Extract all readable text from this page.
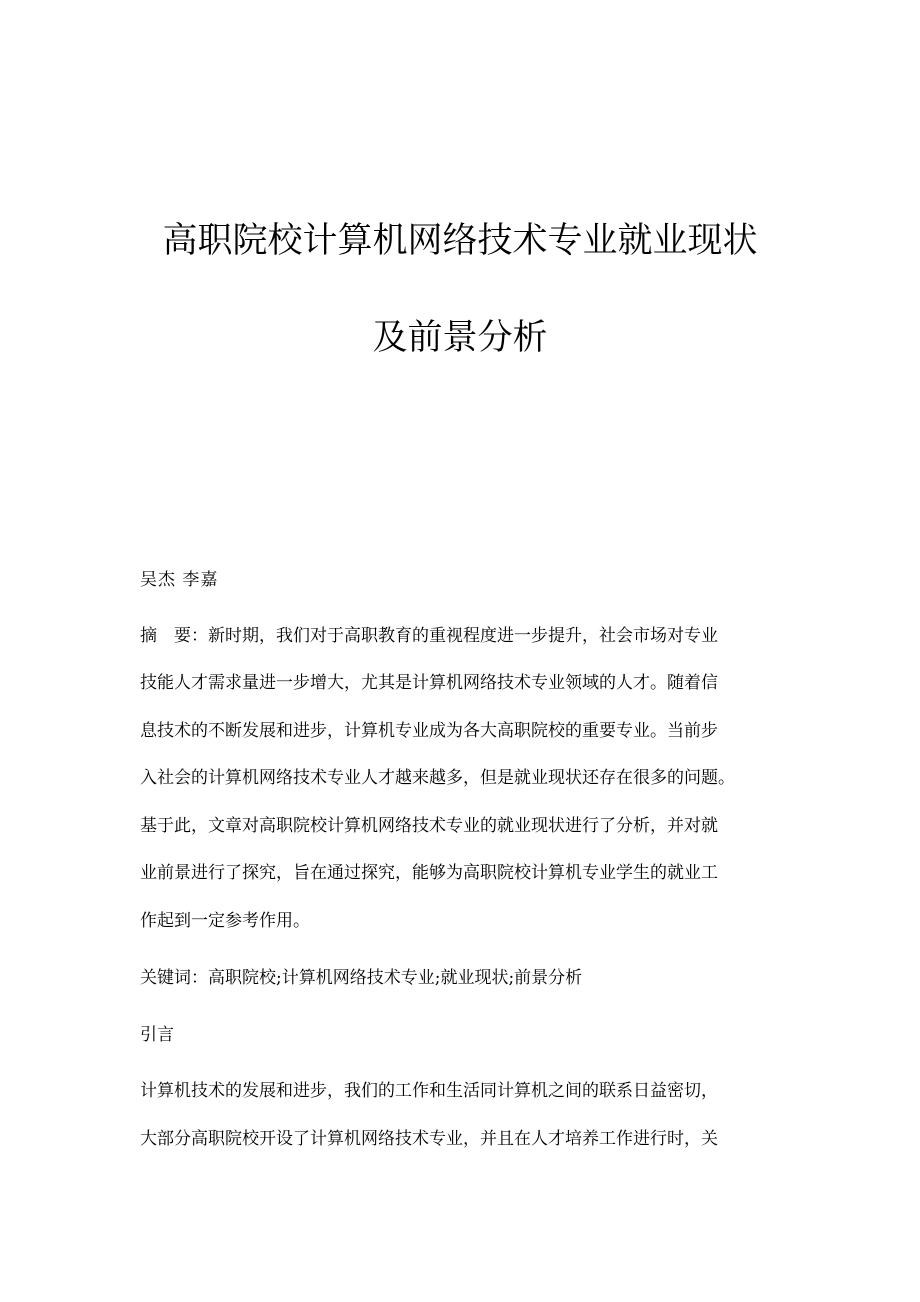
高职院校计算机网络技术专业就业现状
及前景分析
吴杰 李嘉
摘　要：新时期，我们对于高职教育的重视程度进一步提升，社会市场对专业
技能人才需求量进一步增大，尤其是计算机网络技术专业领域的人才。随着信
息技术的不断发展和进步，计算机专业成为各大高职院校的重要专业。当前步
入社会的计算机网络技术专业人才越来越多，但是就业现状还存在很多的问题。
基于此，文章对高职院校计算机网络技术专业的就业现状进行了分析，并对就
业前景进行了探究，旨在通过探究，能够为高职院校计算机专业学生的就业工
作起到一定参考作用。
关键词：高职院校;计算机网络技术专业;就业现状;前景分析
引言
计算机技术的发展和进步，我们的工作和生活同计算机之间的联系日益密切，
大部分高职院校开设了计算机网络技术专业，并且在人才培养工作进行时，关
